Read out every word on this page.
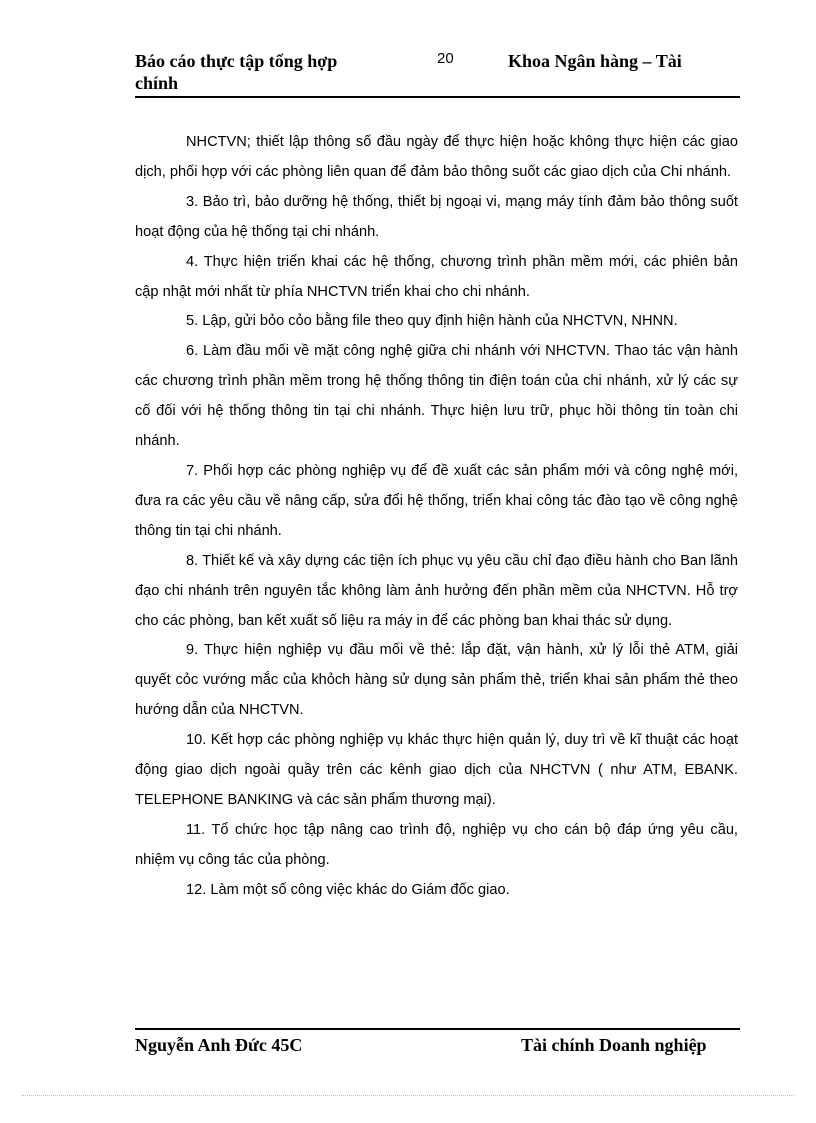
Báo cáo thực tập tổng hợp chính
20	Khoa Ngân hàng – Tài

NHCTVN; thiết lập thông số đầu ngày để thực hiện hoặc không thực hiện các giao dịch, phối hợp với các phòng liên quan để đảm bảo thông suốt các giao dịch của Chi nhánh.

3. Bảo trì, bảo dưỡng hệ thống, thiết bị ngoại vi, mạng máy tính đảm bảo thông suốt hoạt động của hệ thống tại chi nhánh.

4. Thực hiện triển khai các hệ thống, chương trình phần mềm mới, các phiên bản cập nhật mới nhất từ phía NHCTVN triển khai cho chi nhánh.

5. Lập, gửi bỏo cỏo bằng file theo quy định hiện hành của NHCTVN, NHNN.

6. Làm đầu mối về mặt công nghệ giữa chi nhánh với NHCTVN. Thao tác vận hành các chương trình phần mềm trong hệ thống thông tin điện toán của chi nhánh, xử lý các sự cố đối với hệ thống thông tin tại chi nhánh. Thực hiện lưu trữ, phục hồi thông tin toàn chi nhánh.

7. Phối hợp các phòng nghiệp vụ để đề xuất các sản phẩm mới và công nghệ mới, đưa ra các yêu cầu về nâng cấp, sửa đổi hệ thống, triển khai công tác đào tạo về công nghệ thông tin tại chi nhánh.

8. Thiết kế và xây dựng các tiện ích phục vụ yêu cầu chỉ đạo điều hành cho Ban lãnh đạo chi nhánh trên nguyên tắc không làm ảnh hưởng đến phần mềm của NHCTVN. Hỗ trợ cho các phòng, ban kết xuất số liệu ra máy in để các phòng ban khai thác sử dụng.

9. Thực hiện nghiệp vụ đầu mối về thẻ: lắp đặt, vận hành, xử lý lỗi thẻ ATM, giải quyết cỏc vướng mắc của khỏch hàng sử dụng sản phẩm thẻ, triển khai sản phẩm thẻ theo hướng dẫn của NHCTVN.

10. Kết hợp các phòng nghiệp vụ khác thực hiện quản lý, duy trì về kĩ thuật các hoạt động giao dịch ngoài quầy trên các kênh giao dịch của NHCTVN ( như ATM, EBANK. TELEPHONE BANKING và các sản phẩm thương mại).

11. Tổ chức học tập nâng cao trình độ, nghiệp vụ cho cán bộ đáp ứng yêu cầu, nhiệm vụ công tác của phòng.

12. Làm một số công việc khác do Giám đốc giao.

Nguyễn Anh Đức 45C	Tài chính Doanh nghiệp
